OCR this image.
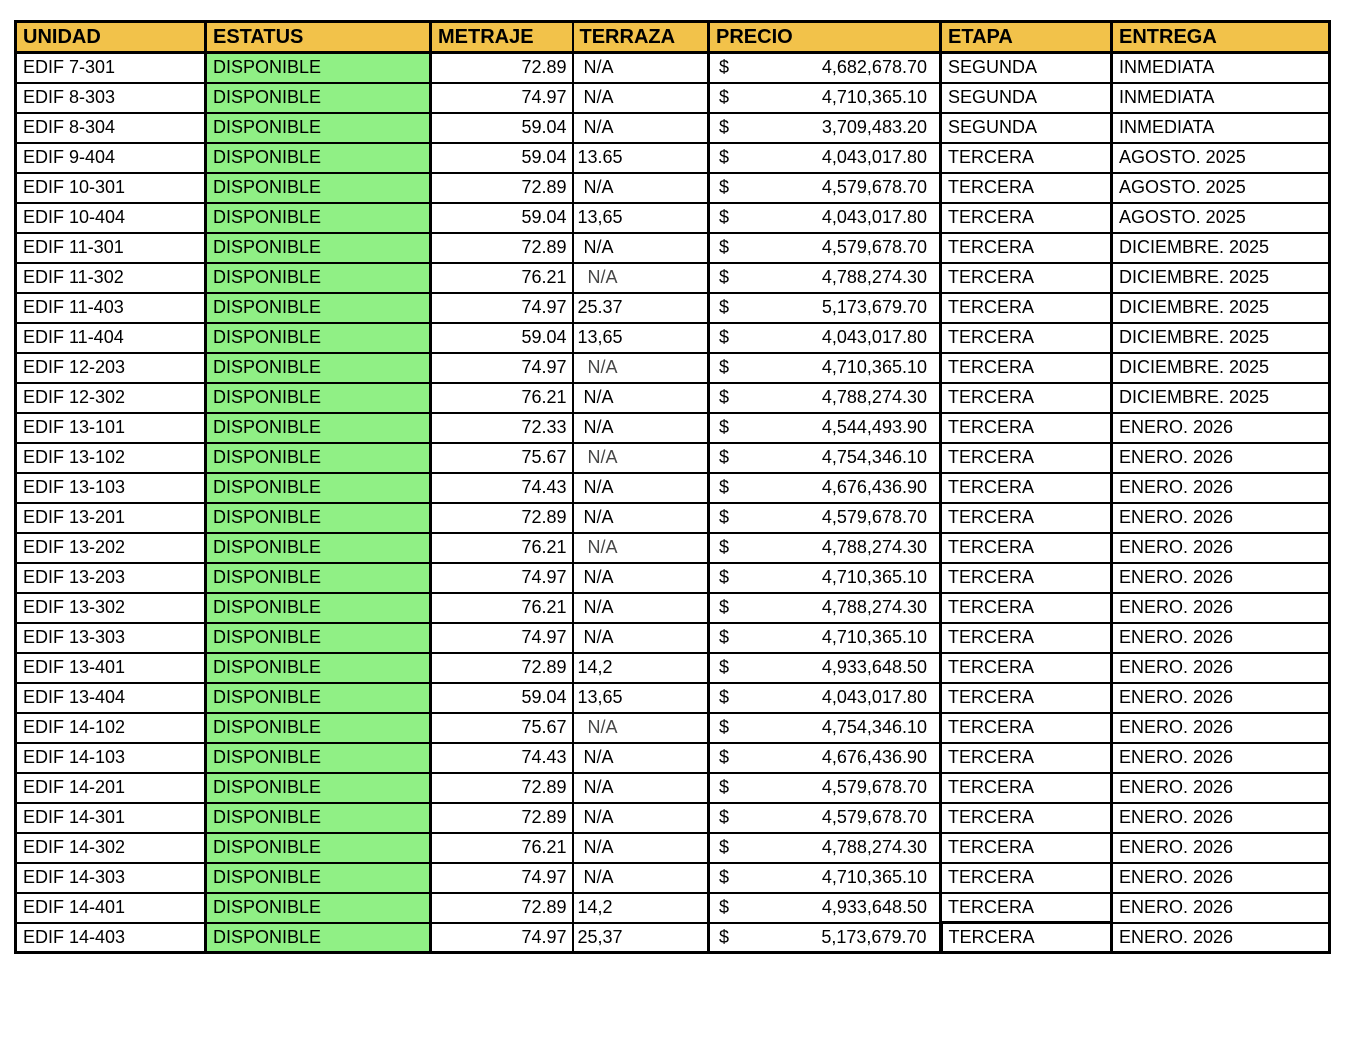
UNIDAD	ESTATUS	METRAJE	TERRAZA	PRECIO	ETAPA	ENTREGA
EDIF 7-301	DISPONIBLE	72.89	N/A	$ 4,682,678.70	SEGUNDA	INMEDIATA
EDIF 8-303	DISPONIBLE	74.97	N/A	$ 4,710,365.10	SEGUNDA	INMEDIATA
EDIF 8-304	DISPONIBLE	59.04	N/A	$ 3,709,483.20	SEGUNDA	INMEDIATA
EDIF 9-404	DISPONIBLE	59.04	13.65	$ 4,043,017.80	TERCERA	AGOSTO. 2025
EDIF 10-301	DISPONIBLE	72.89	N/A	$ 4,579,678.70	TERCERA	AGOSTO. 2025
EDIF 10-404	DISPONIBLE	59.04	13,65	$ 4,043,017.80	TERCERA	AGOSTO. 2025
EDIF 11-301	DISPONIBLE	72.89	N/A	$ 4,579,678.70	TERCERA	DICIEMBRE. 2025
EDIF 11-302	DISPONIBLE	76.21	N/A	$ 4,788,274.30	TERCERA	DICIEMBRE. 2025
EDIF 11-403	DISPONIBLE	74.97	25.37	$ 5,173,679.70	TERCERA	DICIEMBRE. 2025
EDIF 11-404	DISPONIBLE	59.04	13,65	$ 4,043,017.80	TERCERA	DICIEMBRE. 2025
EDIF 12-203	DISPONIBLE	74.97	N/A	$ 4,710,365.10	TERCERA	DICIEMBRE. 2025
EDIF 12-302	DISPONIBLE	76.21	N/A	$ 4,788,274.30	TERCERA	DICIEMBRE. 2025
EDIF 13-101	DISPONIBLE	72.33	N/A	$ 4,544,493.90	TERCERA	ENERO. 2026
EDIF 13-102	DISPONIBLE	75.67	N/A	$ 4,754,346.10	TERCERA	ENERO. 2026
EDIF 13-103	DISPONIBLE	74.43	N/A	$ 4,676,436.90	TERCERA	ENERO. 2026
EDIF 13-201	DISPONIBLE	72.89	N/A	$ 4,579,678.70	TERCERA	ENERO. 2026
EDIF 13-202	DISPONIBLE	76.21	N/A	$ 4,788,274.30	TERCERA	ENERO. 2026
EDIF 13-203	DISPONIBLE	74.97	N/A	$ 4,710,365.10	TERCERA	ENERO. 2026
EDIF 13-302	DISPONIBLE	76.21	N/A	$ 4,788,274.30	TERCERA	ENERO. 2026
EDIF 13-303	DISPONIBLE	74.97	N/A	$ 4,710,365.10	TERCERA	ENERO. 2026
EDIF 13-401	DISPONIBLE	72.89	14,2	$ 4,933,648.50	TERCERA	ENERO. 2026
EDIF 13-404	DISPONIBLE	59.04	13,65	$ 4,043,017.80	TERCERA	ENERO. 2026
EDIF 14-102	DISPONIBLE	75.67	N/A	$ 4,754,346.10	TERCERA	ENERO. 2026
EDIF 14-103	DISPONIBLE	74.43	N/A	$ 4,676,436.90	TERCERA	ENERO. 2026
EDIF 14-201	DISPONIBLE	72.89	N/A	$ 4,579,678.70	TERCERA	ENERO. 2026
EDIF 14-301	DISPONIBLE	72.89	N/A	$ 4,579,678.70	TERCERA	ENERO. 2026
EDIF 14-302	DISPONIBLE	76.21	N/A	$ 4,788,274.30	TERCERA	ENERO. 2026
EDIF 14-303	DISPONIBLE	74.97	N/A	$ 4,710,365.10	TERCERA	ENERO. 2026
EDIF 14-401	DISPONIBLE	72.89	14,2	$ 4,933,648.50	TERCERA	ENERO. 2026
EDIF 14-403	DISPONIBLE	74.97	25,37	$ 5,173,679.70	TERCERA	ENERO. 2026
